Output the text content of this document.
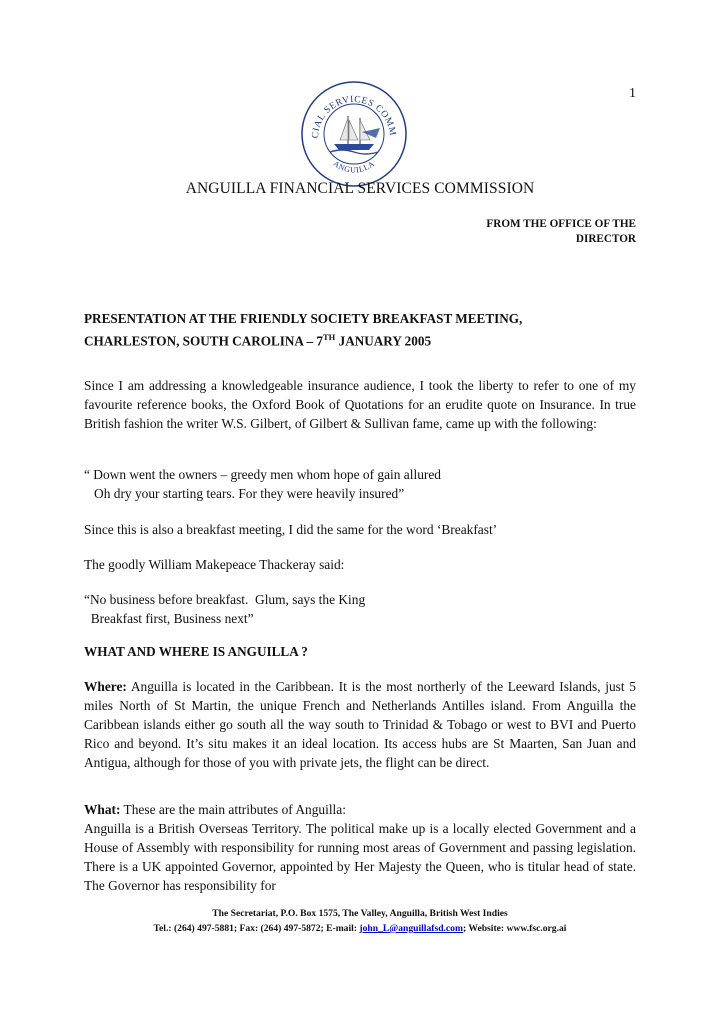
1
CIAL SERVICES COMM
ANGUILLA
ANGUILLA FINANCIAL SERVICES COMMISSION
FROM THE OFFICE OF THE
DIRECTOR
PRESENTATION AT THE FRIENDLY SOCIETY BREAKFAST MEETING,
CHARLESTON, SOUTH CAROLINA – 7TH JANUARY 2005
Since I am addressing a knowledgeable insurance audience, I took the liberty to refer to one of my favourite reference books, the Oxford Book of Quotations for an erudite quote on Insurance. In true British fashion the writer W.S. Gilbert, of Gilbert & Sullivan fame, came up with the following:
“ Down went the owners – greedy men whom hope of gain allured
Oh dry your starting tears. For they were heavily insured”
Since this is also a breakfast meeting, I did the same for the word ‘Breakfast’
The goodly William Makepeace Thackeray said:
“No business before breakfast.  Glum, says the King
Breakfast first, Business next”
WHAT AND WHERE IS ANGUILLA ?
Where: Anguilla is located in the Caribbean. It is the most northerly of the Leeward Islands, just 5 miles North of St Martin, the unique French and Netherlands Antilles island. From Anguilla the Caribbean islands either go south all the way south to Trinidad & Tobago or west to BVI and Puerto Rico and beyond. It’s situ makes it an ideal location. Its access hubs are St Maarten, San Juan and Antigua, although for those of you with private jets, the flight can be direct.
What: These are the main attributes of Anguilla:
Anguilla is a British Overseas Territory. The political make up is a locally elected Government and a House of Assembly with responsibility for running most areas of Government and passing legislation. There is a UK appointed Governor, appointed by Her Majesty the Queen, who is titular head of state. The Governor has responsibility for
The Secretariat, P.O. Box 1575, The Valley, Anguilla, British West Indies
Tel.: (264) 497-5881; Fax: (264) 497-5872; E-mail: john_L@anguillafsd.com; Website: www.fsc.org.ai
